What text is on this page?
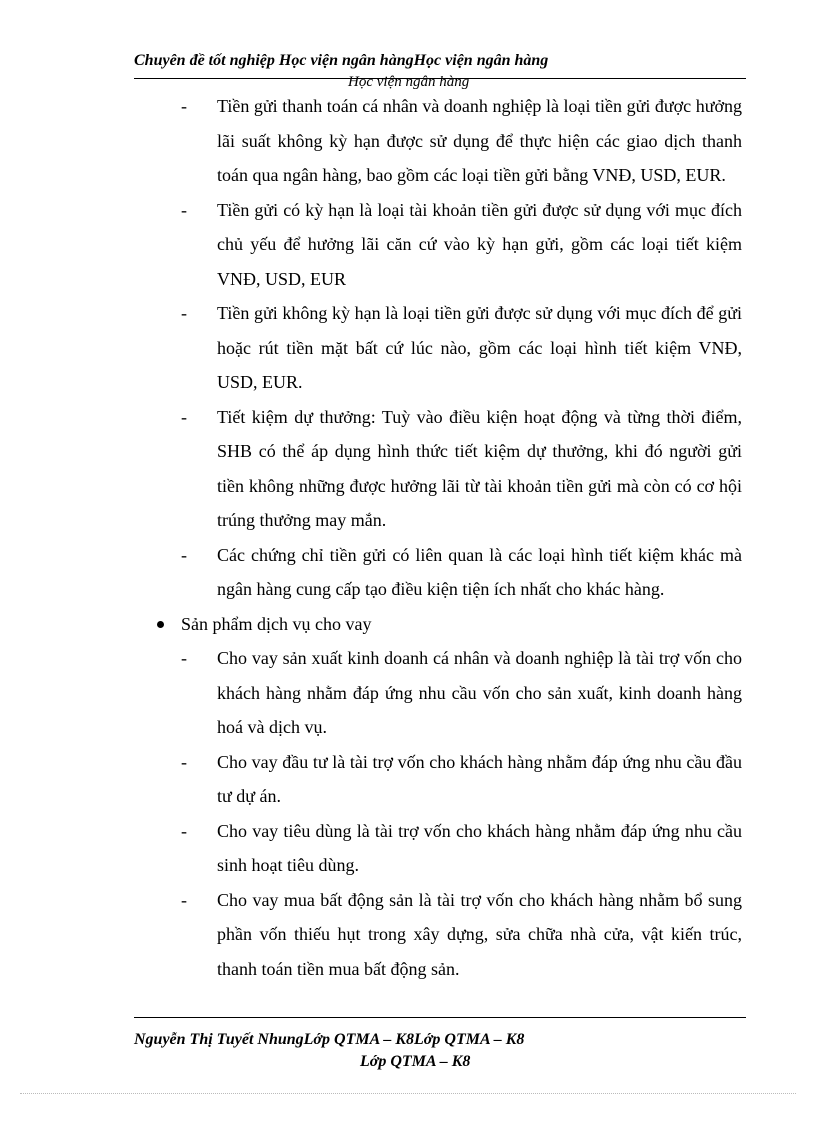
Chuyên đề tốt nghiệp Học viện ngân hàngHọc viện ngân hàng
Học viện ngân hàng
- Tiền gửi thanh toán cá nhân và doanh nghiệp là loại tiền gửi được hưởng lãi suất không kỳ hạn được sử dụng để thực hiện các giao dịch thanh toán qua ngân hàng, bao gồm các loại tiền gửi bằng VNĐ, USD, EUR.
- Tiền gửi có kỳ hạn là loại tài khoản tiền gửi được sử dụng với mục đích chủ yếu để hưởng lãi căn cứ vào kỳ hạn gửi, gồm các loại tiết kiệm VNĐ, USD, EUR
- Tiền gửi không kỳ hạn là loại tiền gửi được sử dụng với mục đích để gửi hoặc rút tiền mặt bất cứ lúc nào, gồm các loại hình tiết kiệm VNĐ, USD, EUR.
- Tiết kiệm dự thưởng: Tuỳ vào điều kiện hoạt động và từng thời điểm, SHB có thể áp dụng hình thức tiết kiệm dự thưởng, khi đó người gửi tiền không những được hưởng lãi từ tài khoản tiền gửi mà còn có cơ hội trúng thưởng may mắn.
- Các chứng chỉ tiền gửi có liên quan là các loại hình tiết kiệm khác mà ngân hàng cung cấp tạo điều kiện tiện ích nhất cho khác hàng.
Sản phẩm dịch vụ cho vay
- Cho vay sản xuất kinh doanh cá nhân và doanh nghiệp là tài trợ vốn cho khách hàng nhằm đáp ứng nhu cầu vốn cho sản xuất, kinh doanh hàng hoá và dịch vụ.
- Cho vay đầu tư là tài trợ vốn cho khách hàng nhằm đáp ứng nhu cầu đầu tư dự án.
- Cho vay tiêu dùng là tài trợ vốn cho khách hàng nhằm đáp ứng nhu cầu sinh hoạt tiêu dùng.
- Cho vay mua bất động sản là tài trợ vốn cho khách hàng nhằm bổ sung phần vốn thiếu hụt trong xây dựng, sửa chữa nhà cửa, vật kiến trúc, thanh toán tiền mua bất động sản.
Nguyễn Thị Tuyết NhungLớp QTMA – K8Lớp QTMA – K8
Lớp QTMA – K8
